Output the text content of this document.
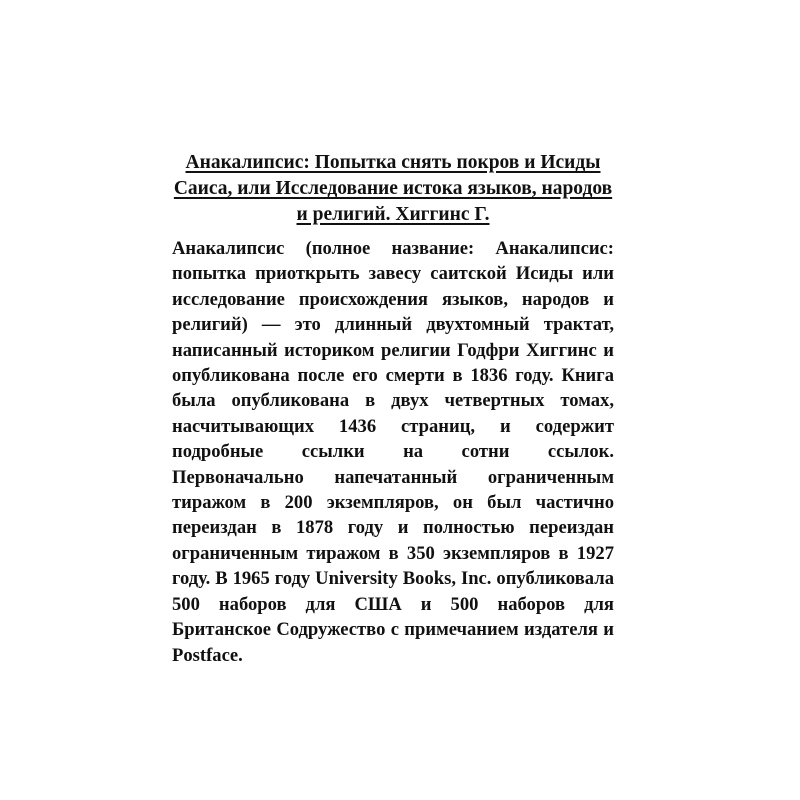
Анакалипсис: Попытка снять покров и Исиды Саиса, или Исследование истока языков, народов и религий. Хиггинс Г.

Анакалипсис (полное название: Анакалипсис: попытка приоткрыть завесу саитской Исиды или исследование происхождения языков, народов и религий) — это длинный двухтомный трактат, написанный историком религии Годфри Хиггинс и опубликована после его смерти в 1836 году. Книга была опубликована в двух четвертных томах, насчитывающих 1436 страниц, и содержит подробные ссылки на сотни ссылок. Первоначально напечатанный ограниченным тиражом в 200 экземпляров, он был частично переиздан в 1878 году и полностью переиздан ограниченным тиражом в 350 экземпляров в 1927 году. В 1965 году University Books, Inc. опубликовала 500 наборов для США и 500 наборов для Британское Содружество с примечанием издателя и Postface.
